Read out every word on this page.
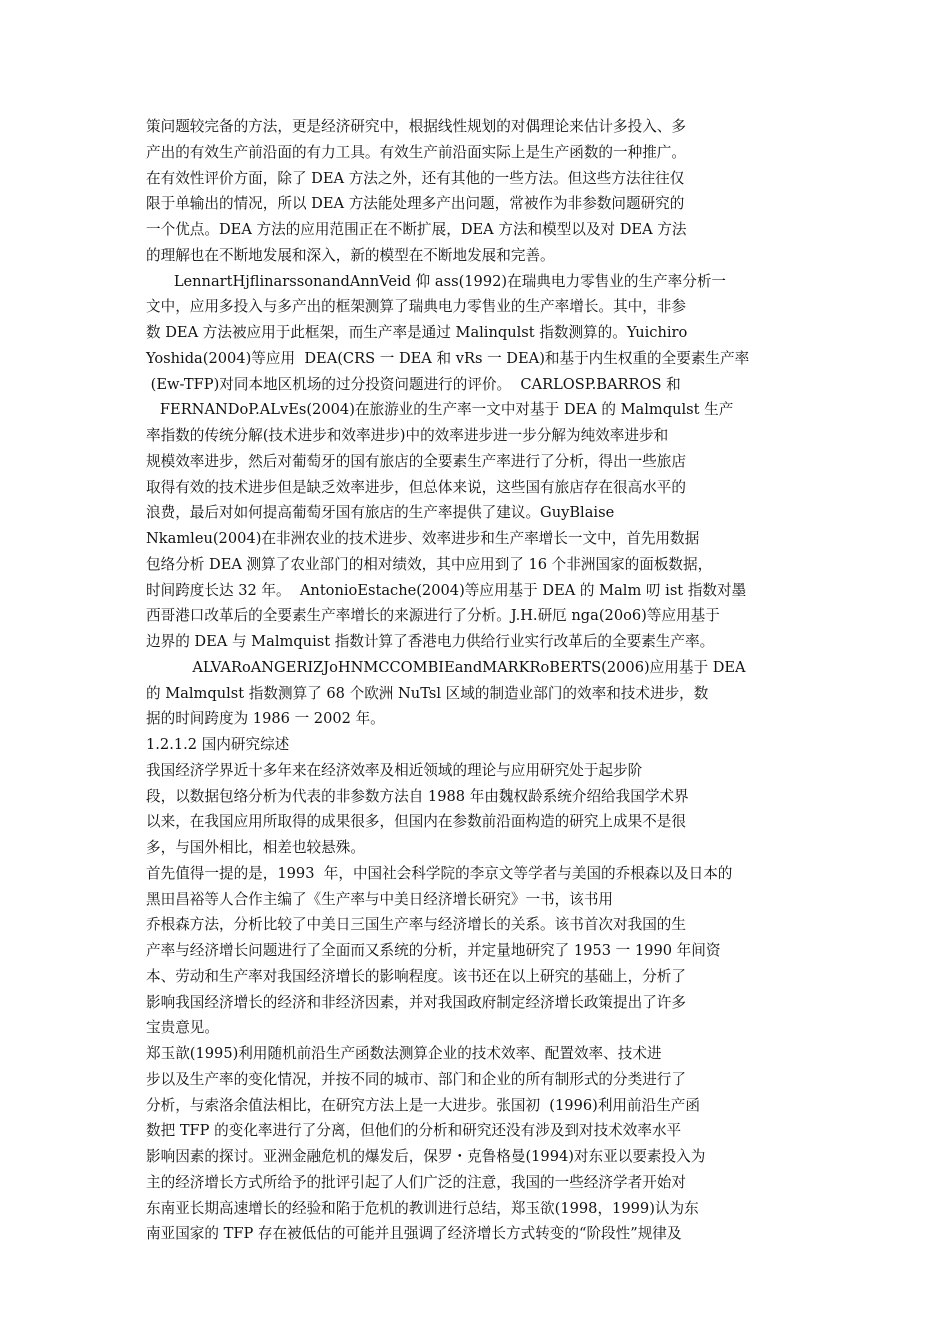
策问题较完备的方法，更是经济研究中，根据线性规划的对偶理论来估计多投入、多
产出的有效生产前沿面的有力工具。有效生产前沿面实际上是生产函数的一种推广。
在有效性评价方面，除了 DEA 方法之外，还有其他的一些方法。但这些方法往往仅
限于单输出的情况，所以 DEA 方法能处理多产出问题，常被作为非参数问题研究的
一个优点。DEA 方法的应用范围正在不断扩展，DEA 方法和模型以及对 DEA 方法
的理解也在不断地发展和深入，新的模型在不断地发展和完善。
LennartHjflinarssonandAnnVeid 仰 ass(1992)在瑞典电力零售业的生产率分析一
文中，应用多投入与多产出的框架测算了瑞典电力零售业的生产率增长。其中，非参
数 DEA 方法被应用于此框架，而生产率是通过 Malinqulst 指数测算的。Yuichiro
Yoshida(2004)等应用  DEA(CRS 一 DEA 和 vRs 一 DEA)和基于内生权重的全要素生产率
(Ew-TFP)对同本地区机场的过分投资问题进行的评价。  CARLOSP.BARROS 和
FERNANDoP.ALvEs(2004)在旅游业的生产率一文中对基于 DEA 的 Malmqulst 生产
率指数的传统分解(技术进步和效率进步)中的效率进步进一步分解为纯效率进步和
规模效率进步，然后对葡萄牙的国有旅店的全要素生产率进行了分析，得出一些旅店
取得有效的技术进步但是缺乏效率进步，但总体来说，这些国有旅店存在很高水平的
浪费，最后对如何提高葡萄牙国有旅店的生产率提供了建议。GuyBlaise
Nkamleu(2004)在非洲农业的技术进步、效率进步和生产率增长一文中，首先用数据
包络分析 DEA 测算了农业部门的相对绩效，其中应用到了 16 个非洲国家的面板数据，
时间跨度长达 32 年。  AntonioEstache(2004)等应用基于 DEA 的 Malm 叨 ist 指数对墨
西哥港口改革后的全要素生产率增长的来源进行了分析。J.H.研厄 nga(20o6)等应用基于
边界的 DEA 与 Malmquist 指数计算了香港电力供给行业实行改革后的全要素生产率。
ALVARoANGERIZJoHNMCCOMBIEandMARKRoBERTS(2006)应用基于 DEA
的 Malmqulst 指数测算了 68 个欧洲 NuTsl 区域的制造业部门的效率和技术进步，数
据的时间跨度为 1986 一 2002 年。
1.2.1.2 国内研究综述
我国经济学界近十多年来在经济效率及相近领域的理论与应用研究处于起步阶
段，以数据包络分析为代表的非参数方法自 1988 年由魏权龄系统介绍给我国学术界
以来，在我国应用所取得的成果很多，但国内在参数前沿面构造的研究上成果不是很
多，与国外相比，相差也较悬殊。
首先值得一提的是，1993  年，中国社会科学院的李京文等学者与美国的乔根森以及日本的
黑田昌裕等人合作主编了《生产率与中美日经济增长研究》一书，该书用
乔根森方法，分析比较了中美日三国生产率与经济增长的关系。该书首次对我国的生
产率与经济增长问题进行了全面而又系统的分析，并定量地研究了 1953 一 1990 年间资
本、劳动和生产率对我国经济增长的影响程度。该书还在以上研究的基础上，分析了
影响我国经济增长的经济和非经济因素，并对我国政府制定经济增长政策提出了许多
宝贵意见。
郑玉歆(1995)利用随机前沿生产函数法测算企业的技术效率、配置效率、技术进
步以及生产率的变化情况，并按不同的城市、部门和企业的所有制形式的分类进行了
分析，与索洛余值法相比，在研究方法上是一大进步。张国初  (1996)利用前沿生产函
数把 TFP 的变化率进行了分离，但他们的分析和研究还没有涉及到对技术效率水平
影响因素的探讨。亚洲金融危机的爆发后，保罗・克鲁格曼(1994)对东亚以要素投入为
主的经济增长方式所给予的批评引起了人们广泛的注意，我国的一些经济学者开始对
东南亚长期高速增长的经验和陷于危机的教训进行总结，郑玉欲(1998，1999)认为东
南亚国家的 TFP 存在被低估的可能并且强调了经济增长方式转变的“阶段性”规律及
